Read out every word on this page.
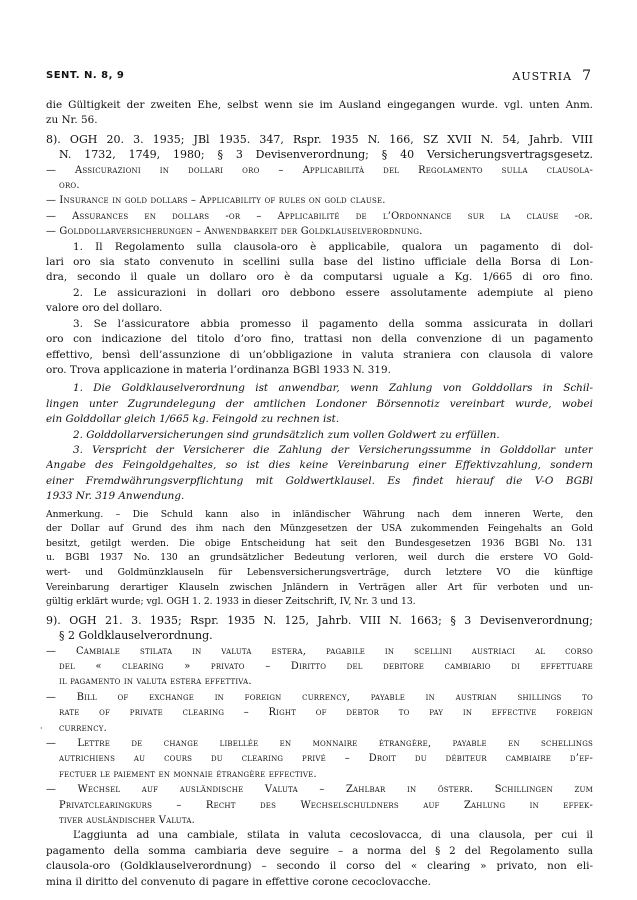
SENT. N. 8, 9	AUSTRIA 7
die Gültigkeit der zweiten Ehe, selbst wenn sie im Ausland eingegangen wurde. vgl. unten Anm.
zu Nr. 56.
8). OGH 20. 3. 1935; JBl 1935. 347, Rspr. 1935 N. 166, SZ XVII N. 54, Jahrb. VIII
N. 1732, 1749, 1980; § 3 Devisenverordnung; § 40 Versicherungsvertragsgesetz.
— Assicurazioni in dollari oro – Applicabilità del Regolamento sulla clausola-
oro.
— Insurance in gold dollars – Applicability of rules on gold clause.
— Assurances en dollars -or – Applicabilité de l’Ordonnance sur la clause -or.
— Golddollarversicherungen – Anwendbarkeit der Goldklauselverordnung.
1. Il Regolamento sulla clausola-oro è applicabile, qualora un pagamento di dol-
lari oro sia stato convenuto in scellini sulla base del listino ufficiale della Borsa di Lon-
dra, secondo il quale un dollaro oro è da computarsi uguale a Kg. 1/665 di oro fino.
2. Le assicurazioni in dollari oro debbono essere assolutamente adempiute al pieno
valore oro del dollaro.
3. Se l’assicuratore abbia promesso il pagamento della somma assicurata in dollari
oro con indicazione del titolo d’oro fino, trattasi non della convenzione di un pagamento
effettivo, bensì dell’assunzione di un’obbligazione in valuta straniera con clausola di valore
oro. Trova applicazione in materia l’ordinanza BGBl 1933 N. 319.
1. Die Goldklauselverordnung ist anwendbar, wenn Zahlung von Golddollars in Schil-
lingen unter Zugrundelegung der amtlichen Londoner Börsennotiz vereinbart wurde, wobei
ein Golddollar gleich 1/665 kg. Feingold zu rechnen ist.
2. Golddollarversicherungen sind grundsätzlich zum vollen Goldwert zu erfüllen.
3. Verspricht der Versicherer die Zahlung der Versicherungssumme in Golddollar unter
Angabe des Feingoldgehaltes, so ist dies keine Vereinbarung einer Effektivzahlung, sondern
einer Fremdwährungsverpflichtung mit Goldwertklausel. Es findet hierauf die V-O BGBl
1933 Nr. 319 Anwendung.
Anmerkung. – Die Schuld kann also in inländischer Währung nach dem inneren Werte, den
der Dollar auf Grund des ihm nach den Münzgesetzen der USA zukommenden Feingehalts an Gold
besitzt, getilgt werden. Die obige Entscheidung hat seit den Bundesgesetzen 1936 BGBl No. 131
u. BGBl 1937 No. 130 an grundsätzlicher Bedeutung verloren, weil durch die erstere VO Gold-
wert- und Goldmünzklauseln für Lebensversicherungsverträge, durch letztere VO die künftige
Vereinbarung derartiger Klauseln zwischen Jnländern in Verträgen aller Art für verboten und un-
gültig erklärt wurde; vgl. OGH 1. 2. 1933 in dieser Zeitschrift, IV, Nr. 3 und 13.
9). OGH 21. 3. 1935; Rspr. 1935 N. 125, Jahrb. VIII N. 1663; § 3 Devisenverordnung;
§ 2 Goldklauselverordnung.
— Cambiale stilata in valuta estera, pagabile in scellini austriaci al corso
del « clearing » privato – Diritto del debitore cambiario di effettuare
il pagamento in valuta estera effettiva.
— Bill of exchange in foreign currency, payable in austrian shillings to
rate of private clearing – Right of debtor to pay in effective foreign
currency.
— Lettre de change libellée en monnaire étrangère, payable en schellings
autrichiens au cours du clearing privé – Droit du débiteur cambiaire d’ef-
fectuer le paiement en monnaie étrangère effective.
— Wechsel auf ausländische Valuta – Zahlbar in österr. Schillingen zum
Privatclearingkurs – Recht des Wechselschuldners auf Zahlung in effek-
tiver ausländischer Valuta.
L’aggiunta ad una cambiale, stilata in valuta cecoslovacca, di una clausola, per cui il
pagamento della somma cambiaria deve seguire – a norma del § 2 del Regolamento sulla
clausola-oro (Goldklauselverordnung) – secondo il corso del « clearing » privato, non eli-
mina il diritto del convenuto di pagare in effettive corone cecoclovacche.
·
